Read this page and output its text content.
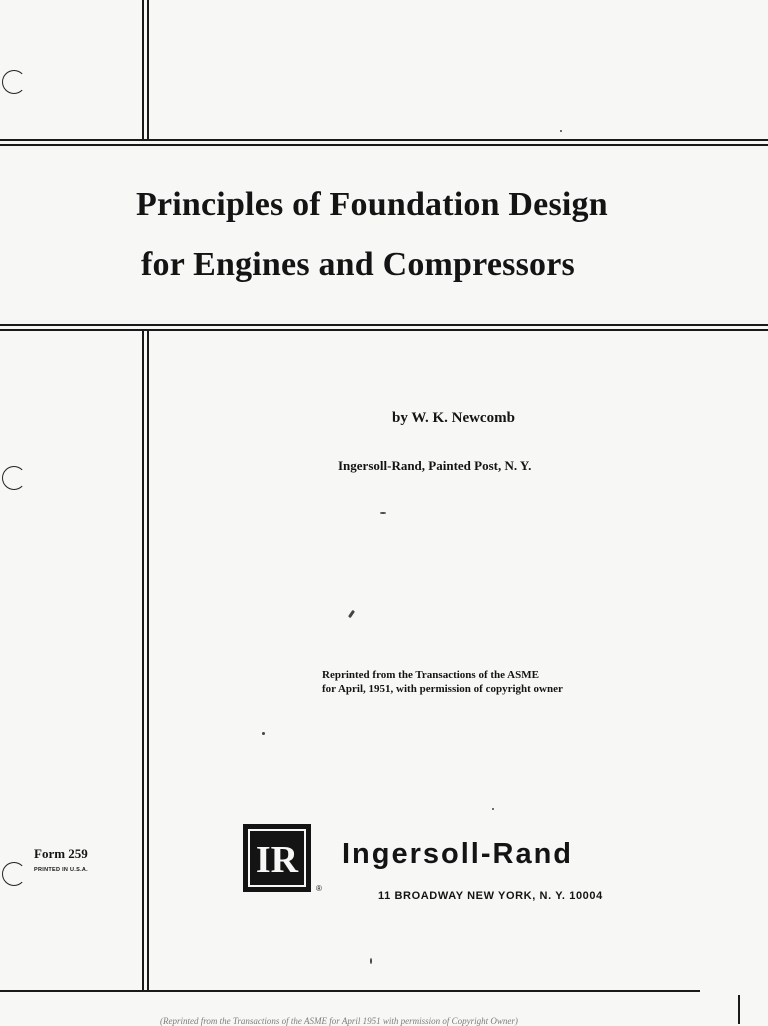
Principles of Foundation Design
for Engines and Compressors
by W. K. Newcomb
Ingersoll-Rand, Painted Post, N. Y.
Reprinted from the Transactions of the ASME
for April, 1951, with permission of copyright owner
Form 259
PRINTED IN U.S.A.	IR
®
Ingersoll-Rand
11 BROADWAY NEW YORK, N. Y. 10004
(Reprinted from the Transactions of the ASME for April 1951 with permission of Copyright Owner)
